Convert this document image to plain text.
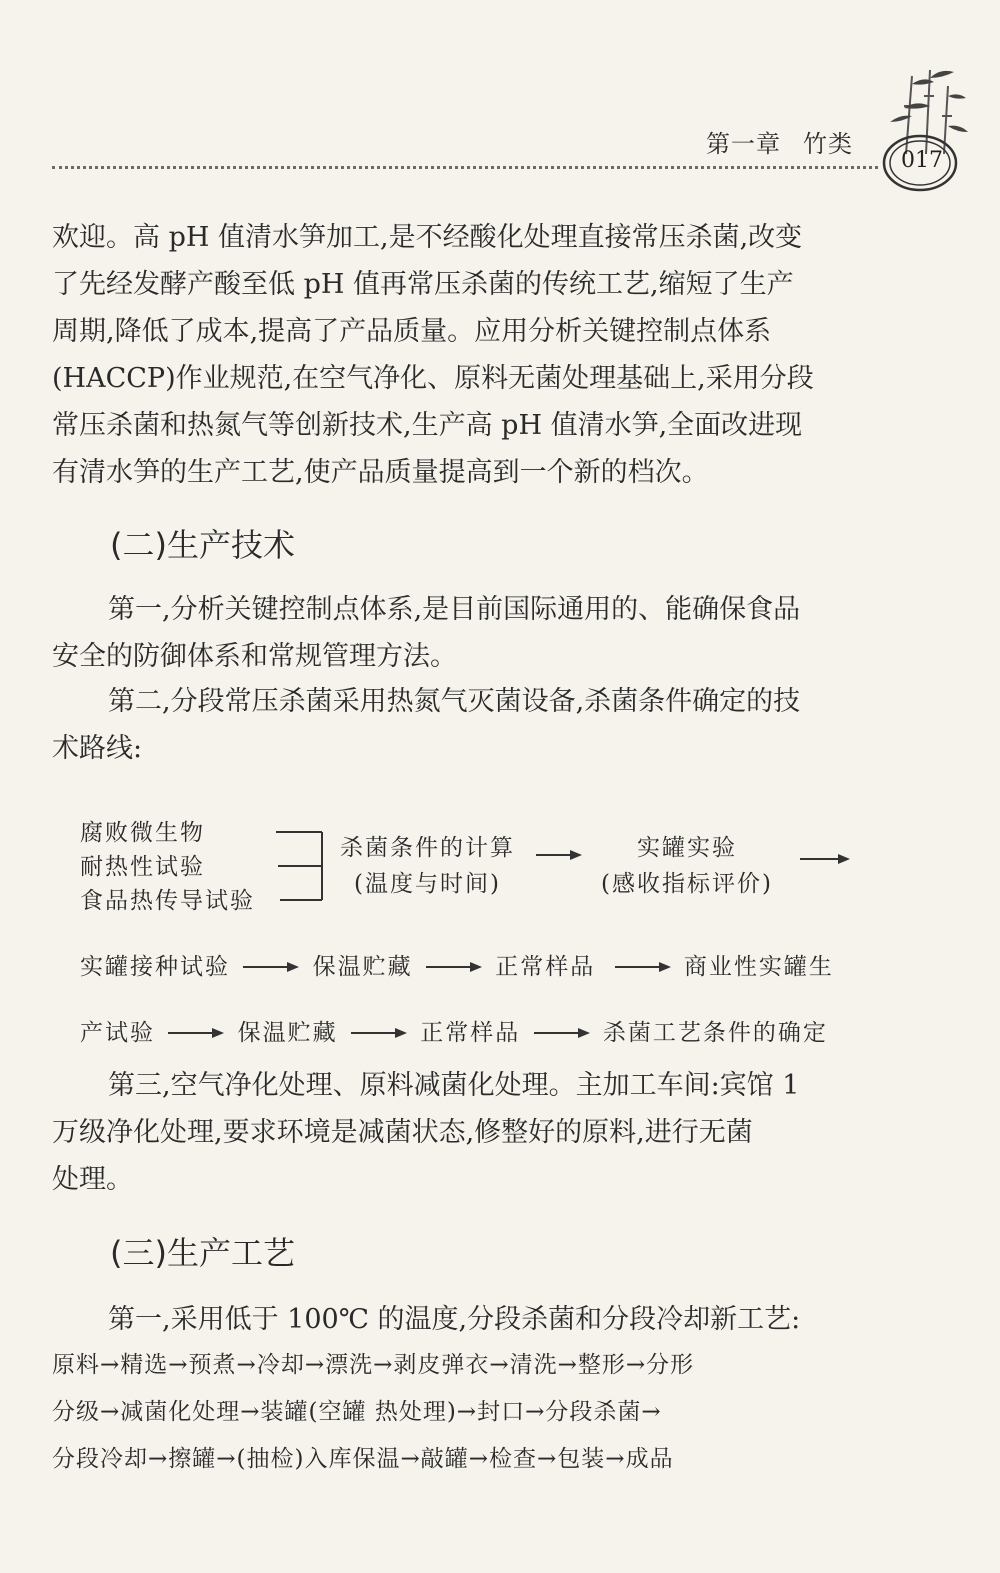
第一章 竹类
017
欢迎。高 pH 值清水笋加工,是不经酸化处理直接常压杀菌,改变
了先经发酵产酸至低 pH 值再常压杀菌的传统工艺,缩短了生产
周期,降低了成本,提高了产品质量。应用分析关键控制点体系
(HACCP)作业规范,在空气净化、原料无菌处理基础上,采用分段
常压杀菌和热氮气等创新技术,生产高 pH 值清水笋,全面改进现
有清水笋的生产工艺,使产品质量提高到一个新的档次。
(二)生产技术
第一,分析关键控制点体系,是目前国际通用的、能确保食品
安全的防御体系和常规管理方法。
第二,分段常压杀菌采用热氮气灭菌设备,杀菌条件确定的技
术路线:
腐败微生物
耐热性试验
食品热传导试验
杀菌条件的计算
(温度与时间)
实罐实验
(感收指标评价)
实罐接种试验	保温贮藏	正常样品	商业性实罐生
产试验	保温贮藏	正常样品	杀菌工艺条件的确定
第三,空气净化处理、原料减菌化处理。主加工车间:宾馆 1
万级净化处理,要求环境是减菌状态,修整好的原料,进行无菌
处理。
(三)生产工艺
第一,采用低于 100℃ 的温度,分段杀菌和分段冷却新工艺:
原料→精选→预煮→冷却→漂洗→剥皮弹衣→清洗→整形→分形
分级→减菌化处理→装罐(空罐 热处理)→封口→分段杀菌→
分段冷却→擦罐→(抽检)入库保温→敲罐→检查→包装→成品
